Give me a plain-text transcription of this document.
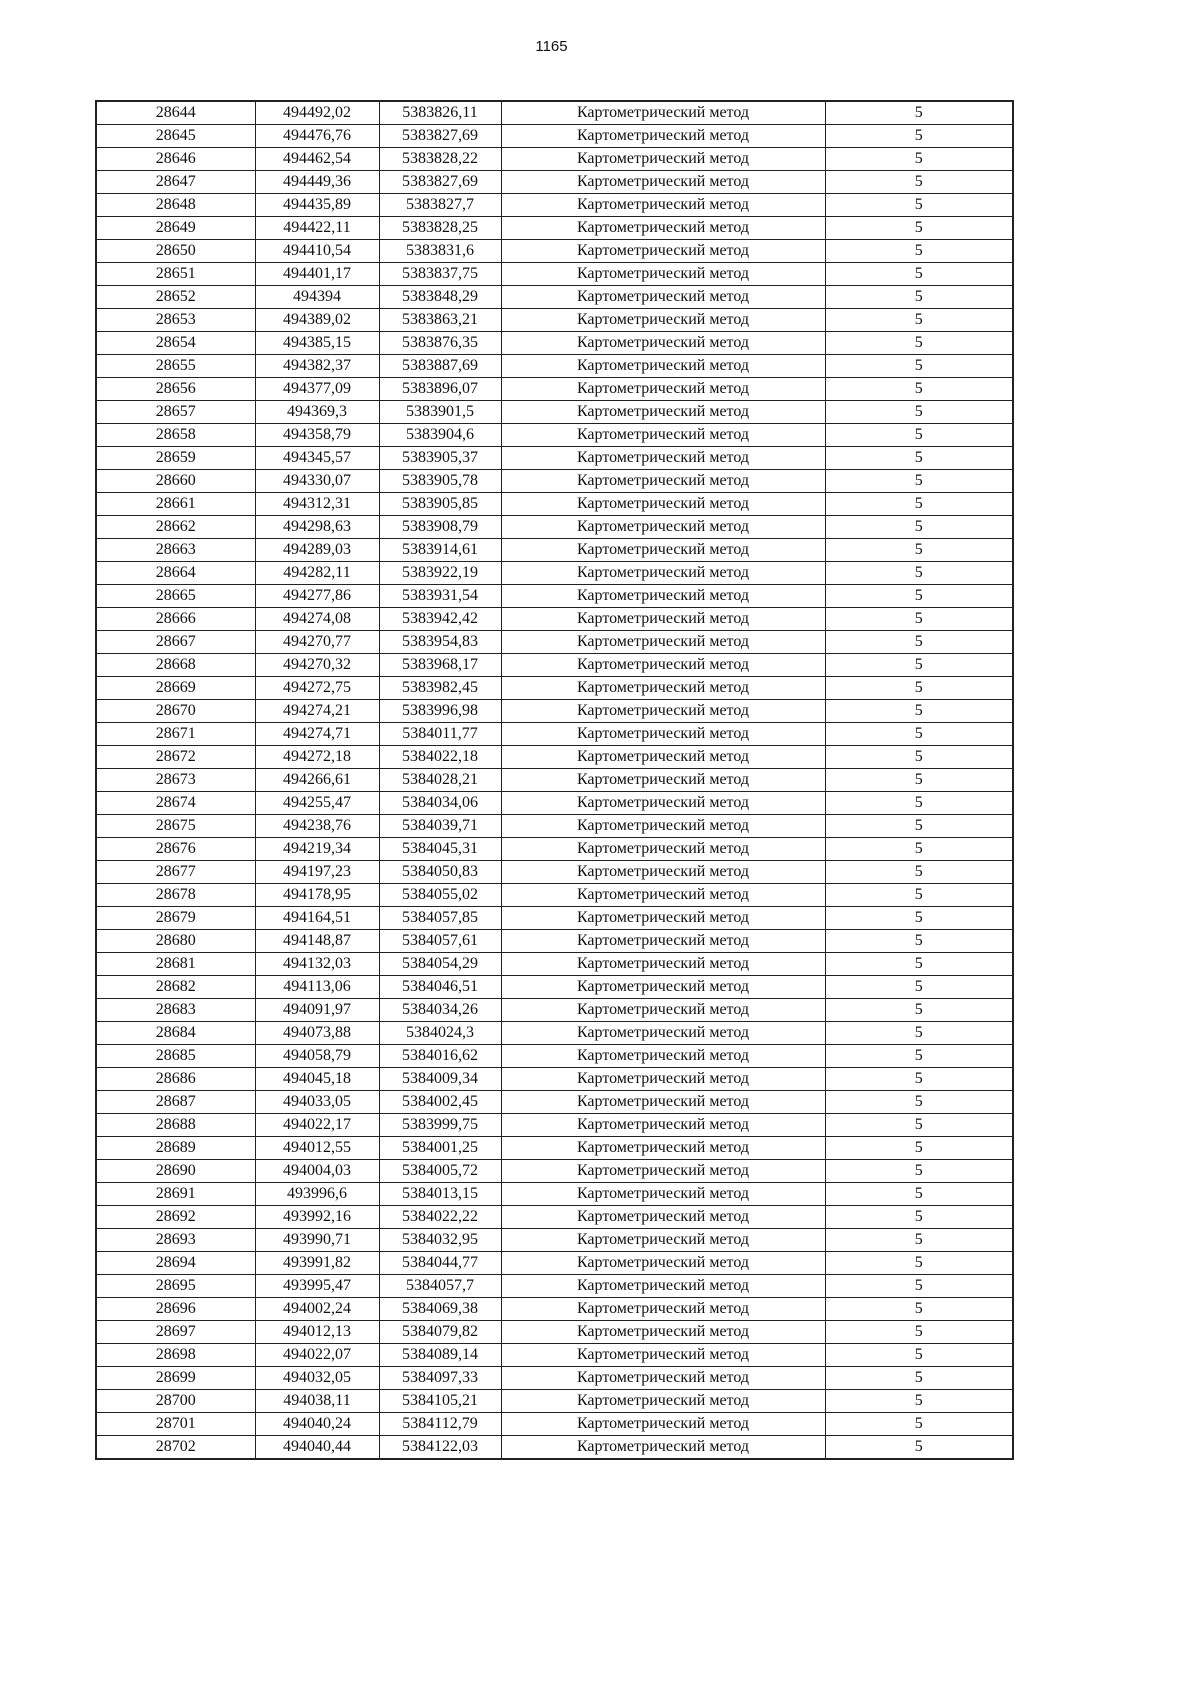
1165
28644	494492,02	5383826,11	Картометрический метод	5
28645	494476,76	5383827,69	Картометрический метод	5
28646	494462,54	5383828,22	Картометрический метод	5
28647	494449,36	5383827,69	Картометрический метод	5
28648	494435,89	5383827,7	Картометрический метод	5
28649	494422,11	5383828,25	Картометрический метод	5
28650	494410,54	5383831,6	Картометрический метод	5
28651	494401,17	5383837,75	Картометрический метод	5
28652	494394	5383848,29	Картометрический метод	5
28653	494389,02	5383863,21	Картометрический метод	5
28654	494385,15	5383876,35	Картометрический метод	5
28655	494382,37	5383887,69	Картометрический метод	5
28656	494377,09	5383896,07	Картометрический метод	5
28657	494369,3	5383901,5	Картометрический метод	5
28658	494358,79	5383904,6	Картометрический метод	5
28659	494345,57	5383905,37	Картометрический метод	5
28660	494330,07	5383905,78	Картометрический метод	5
28661	494312,31	5383905,85	Картометрический метод	5
28662	494298,63	5383908,79	Картометрический метод	5
28663	494289,03	5383914,61	Картометрический метод	5
28664	494282,11	5383922,19	Картометрический метод	5
28665	494277,86	5383931,54	Картометрический метод	5
28666	494274,08	5383942,42	Картометрический метод	5
28667	494270,77	5383954,83	Картометрический метод	5
28668	494270,32	5383968,17	Картометрический метод	5
28669	494272,75	5383982,45	Картометрический метод	5
28670	494274,21	5383996,98	Картометрический метод	5
28671	494274,71	5384011,77	Картометрический метод	5
28672	494272,18	5384022,18	Картометрический метод	5
28673	494266,61	5384028,21	Картометрический метод	5
28674	494255,47	5384034,06	Картометрический метод	5
28675	494238,76	5384039,71	Картометрический метод	5
28676	494219,34	5384045,31	Картометрический метод	5
28677	494197,23	5384050,83	Картометрический метод	5
28678	494178,95	5384055,02	Картометрический метод	5
28679	494164,51	5384057,85	Картометрический метод	5
28680	494148,87	5384057,61	Картометрический метод	5
28681	494132,03	5384054,29	Картометрический метод	5
28682	494113,06	5384046,51	Картометрический метод	5
28683	494091,97	5384034,26	Картометрический метод	5
28684	494073,88	5384024,3	Картометрический метод	5
28685	494058,79	5384016,62	Картометрический метод	5
28686	494045,18	5384009,34	Картометрический метод	5
28687	494033,05	5384002,45	Картометрический метод	5
28688	494022,17	5383999,75	Картометрический метод	5
28689	494012,55	5384001,25	Картометрический метод	5
28690	494004,03	5384005,72	Картометрический метод	5
28691	493996,6	5384013,15	Картометрический метод	5
28692	493992,16	5384022,22	Картометрический метод	5
28693	493990,71	5384032,95	Картометрический метод	5
28694	493991,82	5384044,77	Картометрический метод	5
28695	493995,47	5384057,7	Картометрический метод	5
28696	494002,24	5384069,38	Картометрический метод	5
28697	494012,13	5384079,82	Картометрический метод	5
28698	494022,07	5384089,14	Картометрический метод	5
28699	494032,05	5384097,33	Картометрический метод	5
28700	494038,11	5384105,21	Картометрический метод	5
28701	494040,24	5384112,79	Картометрический метод	5
28702	494040,44	5384122,03	Картометрический метод	5
